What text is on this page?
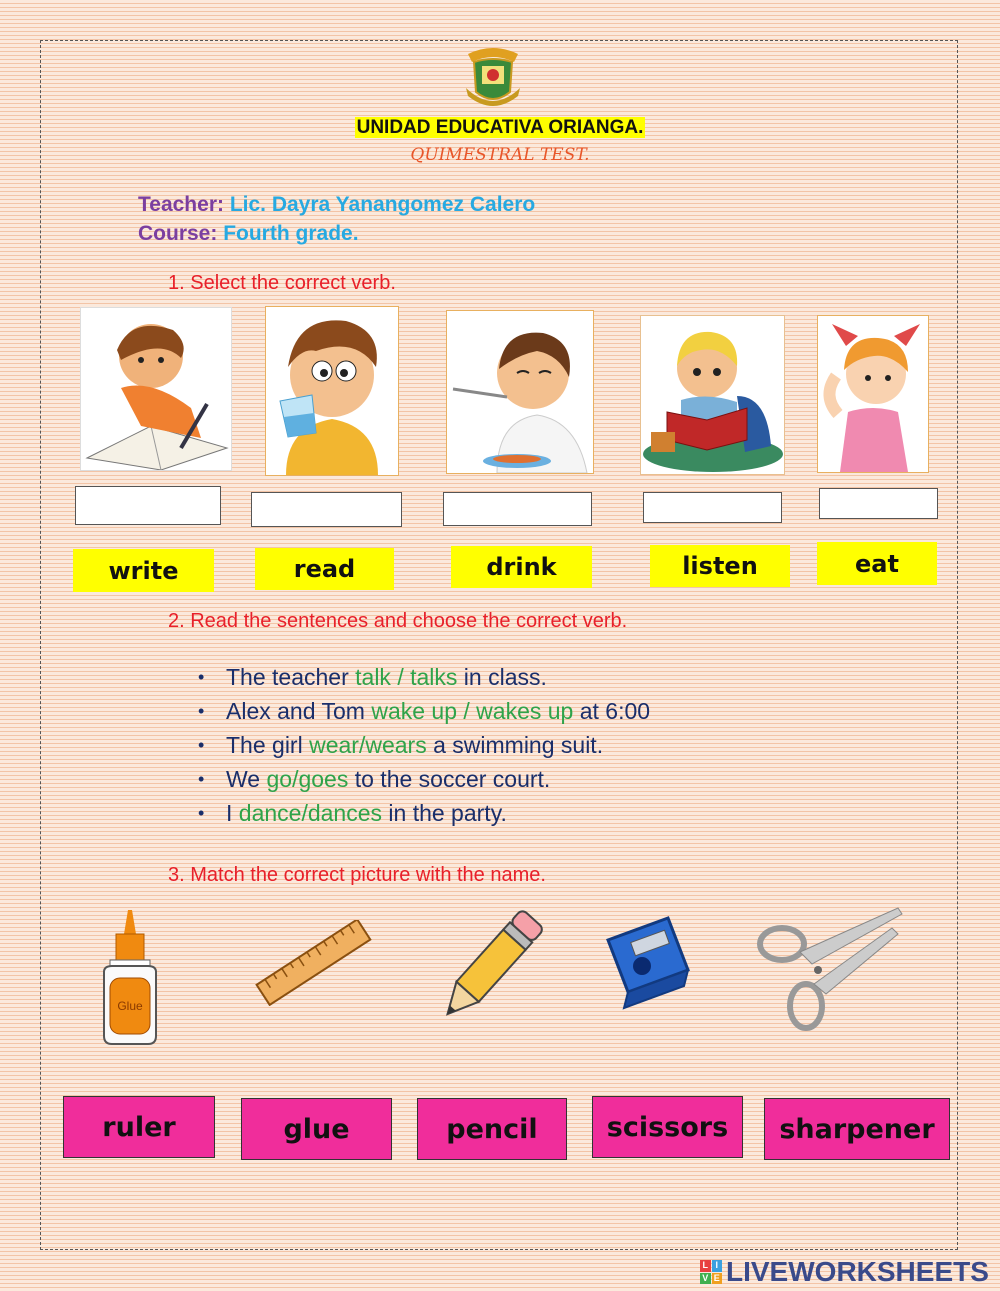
UNIDAD EDUCATIVA ORIANGA.
QUIMESTRAL TEST.
Teacher: Lic. Dayra Yanangomez Calero
Course: Fourth grade.
1. Select the correct verb.
write	read	drink	listen	eat
2. Read the sentences and choose the correct verb.
• The teacher talk / talks in class.
• Alex and Tom wake up / wakes up at 6:00
• The girl wear/wears a swimming suit.
• We go/goes to the soccer court.
• I dance/dances in the party.
3. Match the correct picture with the name.
Glue
ruler	glue	pencil	scissors	sharpener
L I
V E LIVEWORKSHEETS
